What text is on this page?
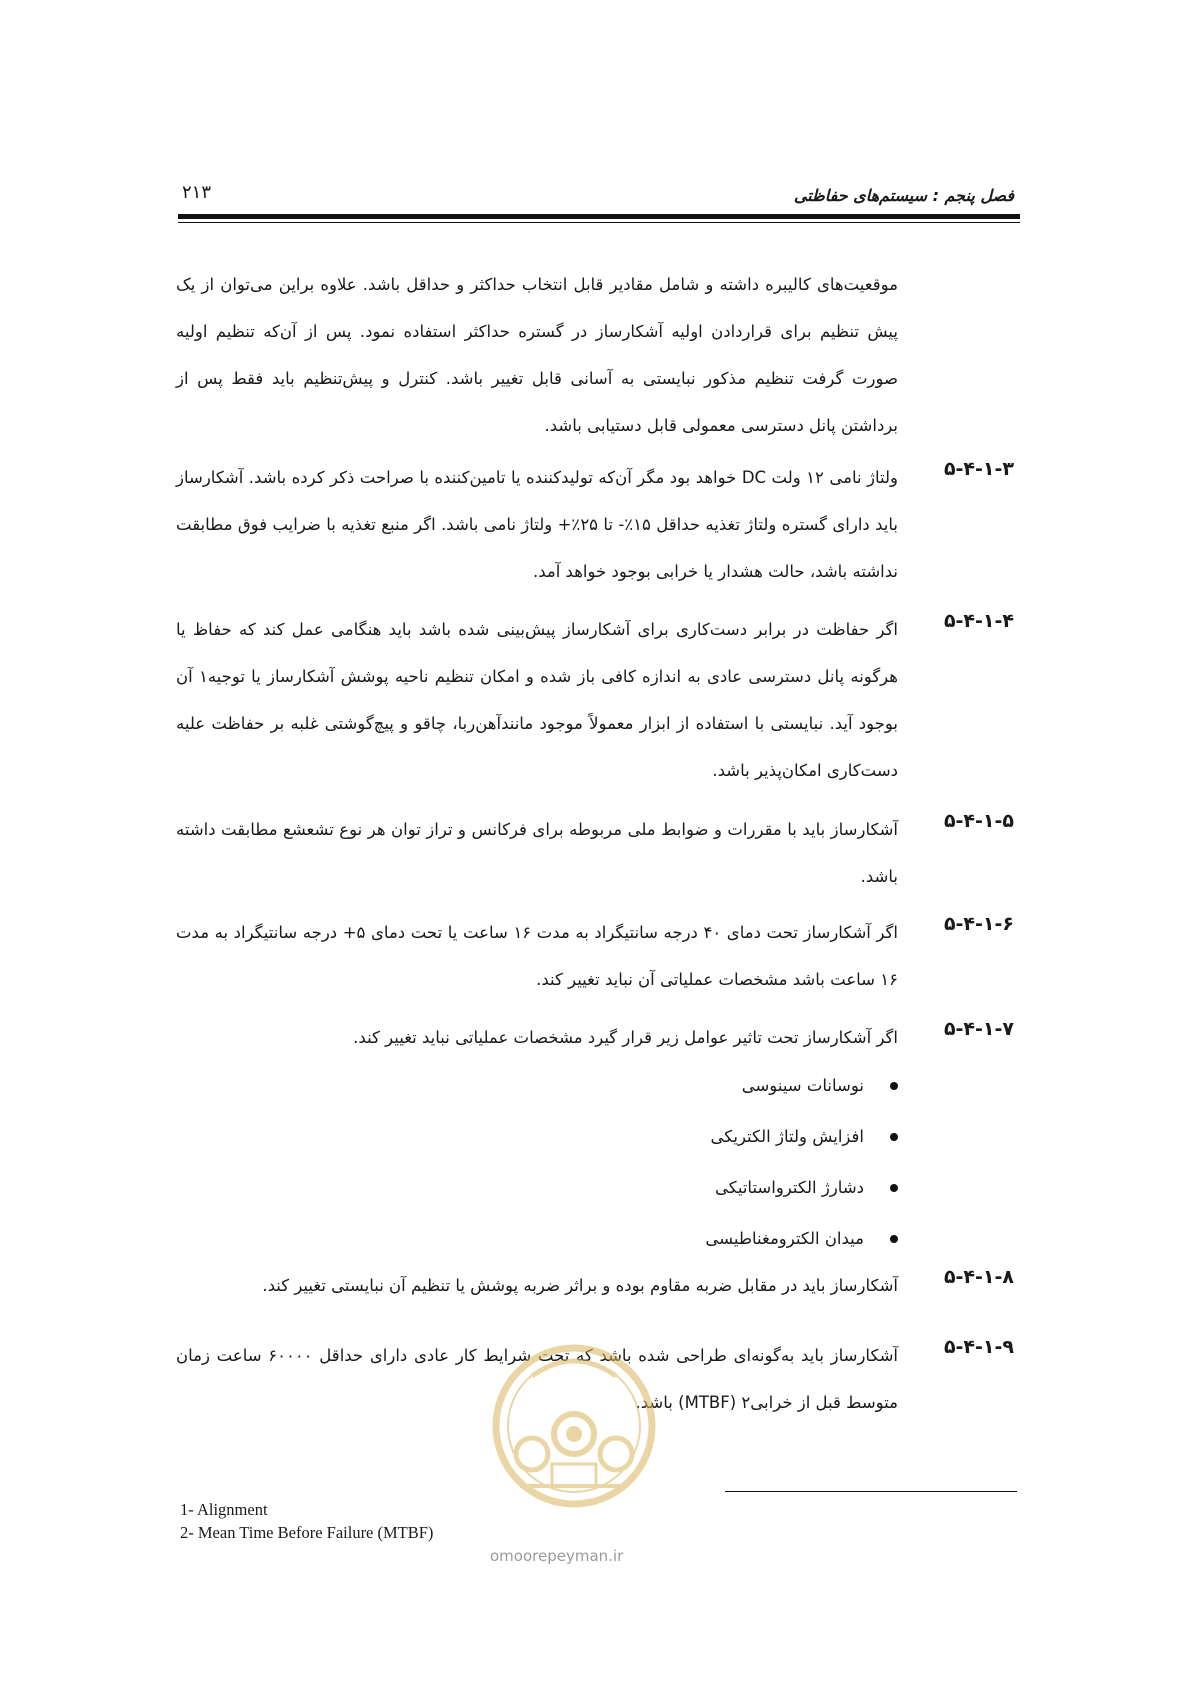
فصل پنجم : سیستم‌های حفاظتی
۲۱۳
موقعیت‌های کالیبره داشته و شامل مقادیر قابل انتخاب حداکثر و حداقل باشد. علاوه براین می‌توان از یک پیش تنظیم برای قراردادن اولیه آشکارساز در گستره حداکثر استفاده نمود. پس از آن‌که تنظیم اولیه صورت گرفت تنظیم مذکور نبایستی به آسانی قابل تغییر باشد. کنترل و پیش‌تنظیم باید فقط پس از برداشتن پانل دسترسی معمولی قابل دستیابی باشد.
۵-۴-۱-۳
ولتاژ نامی ۱۲ ولت DC خواهد بود مگر آن‌که تولیدکننده یا تامین‌کننده با صراحت ذکر کرده باشد. آشکارساز باید دارای گستره ولتاژ تغذیه حداقل ۱۵٪- تا ۲۵٪+ ولتاژ نامی باشد. اگر منبع تغذیه با ضرایب فوق مطابقت نداشته باشد، حالت هشدار یا خرابی بوجود خواهد آمد.
۵-۴-۱-۴
اگر حفاظت در برابر دست‌کاری برای آشکارساز پیش‌بینی شده باشد باید هنگامی عمل کند که حفاظ یا هرگونه پانل دسترسی عادی به اندازه کافی باز شده و امکان تنظیم ناحیه پوشش آشکارساز یا توجیه۱ آن بوجود آید. نبایستی با استفاده از ابزار معمولاً موجود مانندآهن‌ربا، چاقو و پیچ‌گوشتی غلبه بر حفاظت علیه دست‌کاری امکان‌پذیر باشد.
۵-۴-۱-۵
آشکارساز باید با مقررات و ضوابط ملی مربوطه برای فرکانس و تراز توان هر نوع تشعشع مطابقت داشته باشد.
۵-۴-۱-۶
اگر آشکارساز تحت دمای ۴۰ درجه سانتیگراد به مدت ۱۶ ساعت یا تحت دمای ۵+ درجه سانتیگراد به مدت ۱۶ ساعت باشد مشخصات عملیاتی آن نباید تغییر کند.
۵-۴-۱-۷
اگر آشکارساز تحت تاثیر عوامل زیر قرار گیرد مشخصات عملیاتی نباید تغییر کند.
نوسانات سینوسی
افزایش ولتاژ الکتریکی
دشارژ الکترواستاتیکی
میدان الکترومغناطیسی
۵-۴-۱-۸
آشکارساز باید در مقابل ضربه مقاوم بوده و براثر ضربه پوشش یا تنظیم آن نبایستی تغییر کند.
۵-۴-۱-۹
آشکارساز باید به‌گونه‌ای طراحی شده باشد که تحت شرایط کار عادی دارای حداقل ۶۰۰۰۰ ساعت زمان متوسط قبل از خرابی۲ (MTBF) باشد.
omoorepeyman.ir
1- Alignment
2- Mean Time Before Failure (MTBF)
